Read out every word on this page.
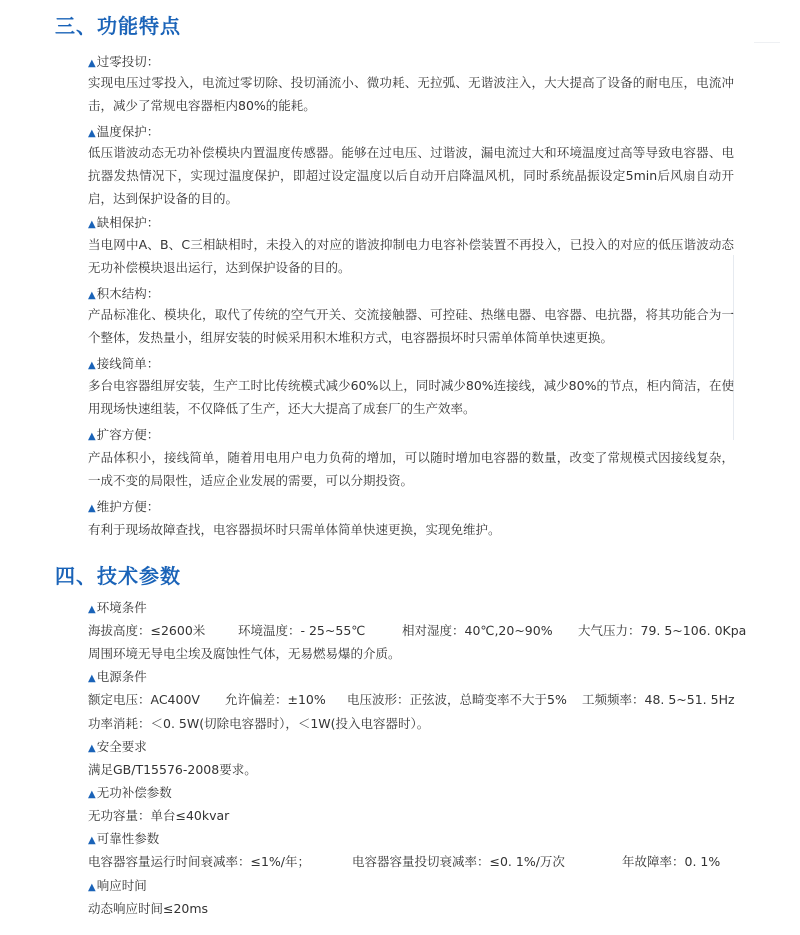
三、功能特点
▲过零投切：

实现电压过零投入，电流过零切除、投切涌流小、微功耗、无拉弧、无谐波注入，大大提高了设备的耐电压，电流冲击，减少了常规电容器柜内80%的能耗。

▲温度保护：

低压谐波动态无功补偿模块内置温度传感器。能够在过电压、过谐波，漏电流过大和环境温度过高等导致电容器、电抗器发热情况下，实现过温度保护，即超过设定温度以后自动开启降温风机，同时系统晶振设定5min后风扇自动开启，达到保护设备的目的。

▲缺相保护：

当电网中A、B、C三相缺相时，未投入的对应的谐波抑制电力电容补偿装置不再投入，已投入的对应的低压谐波动态无功补偿模块退出运行，达到保护设备的目的。

▲积木结构：

产品标准化、模块化，取代了传统的空气开关、交流接触器、可控硅、热继电器、电容器、电抗器，将其功能合为一个整体，发热量小，组屏安装的时候采用积木堆积方式，电容器损坏时只需单体简单快速更换。

▲接线简单：

多台电容器组屏安装，生产工时比传统模式减少60%以上，同时减少80%连接线，减少80%的节点，柜内简洁，在使用现场快速组装，不仅降低了生产，还大大提高了成套厂的生产效率。

▲扩容方便：

产品体积小，接线简单，随着用电用户电力负荷的增加，可以随时增加电容器的数量，改变了常规模式因接线复杂，一成不变的局限性，适应企业发展的需要，可以分期投资。

▲维护方便：

有利于现场故障查找，电容器损坏时只需单体简单快速更换，实现免维护。

四、技术参数
▲环境条件
海拔高度：≤2600米	环境温度：- 25~55℃	相对湿度：40℃,20~90% 大气压力：79. 5~106. 0Kpa
周围环境无导电尘埃及腐蚀性气体，无易燃易爆的介质。
▲电源条件
额定电压：AC400V 允许偏差：±10% 电压波形：正弦波，总畸变率不大于5% 工频频率：48. 5~51. 5Hz
功率消耗：＜0. 5W(切除电容器时），＜1W(投入电容器时）。
▲安全要求
满足GB/T15576-2008要求。
▲无功补偿参数
无功容量：单台≤40kvar
▲可靠性参数
电容器容量运行时间衰减率：≤1%/年；	电容器容量投切衰减率：≤0. 1%/万次	年故障率：0. 1%
▲响应时间
动态响应时间≤20ms
